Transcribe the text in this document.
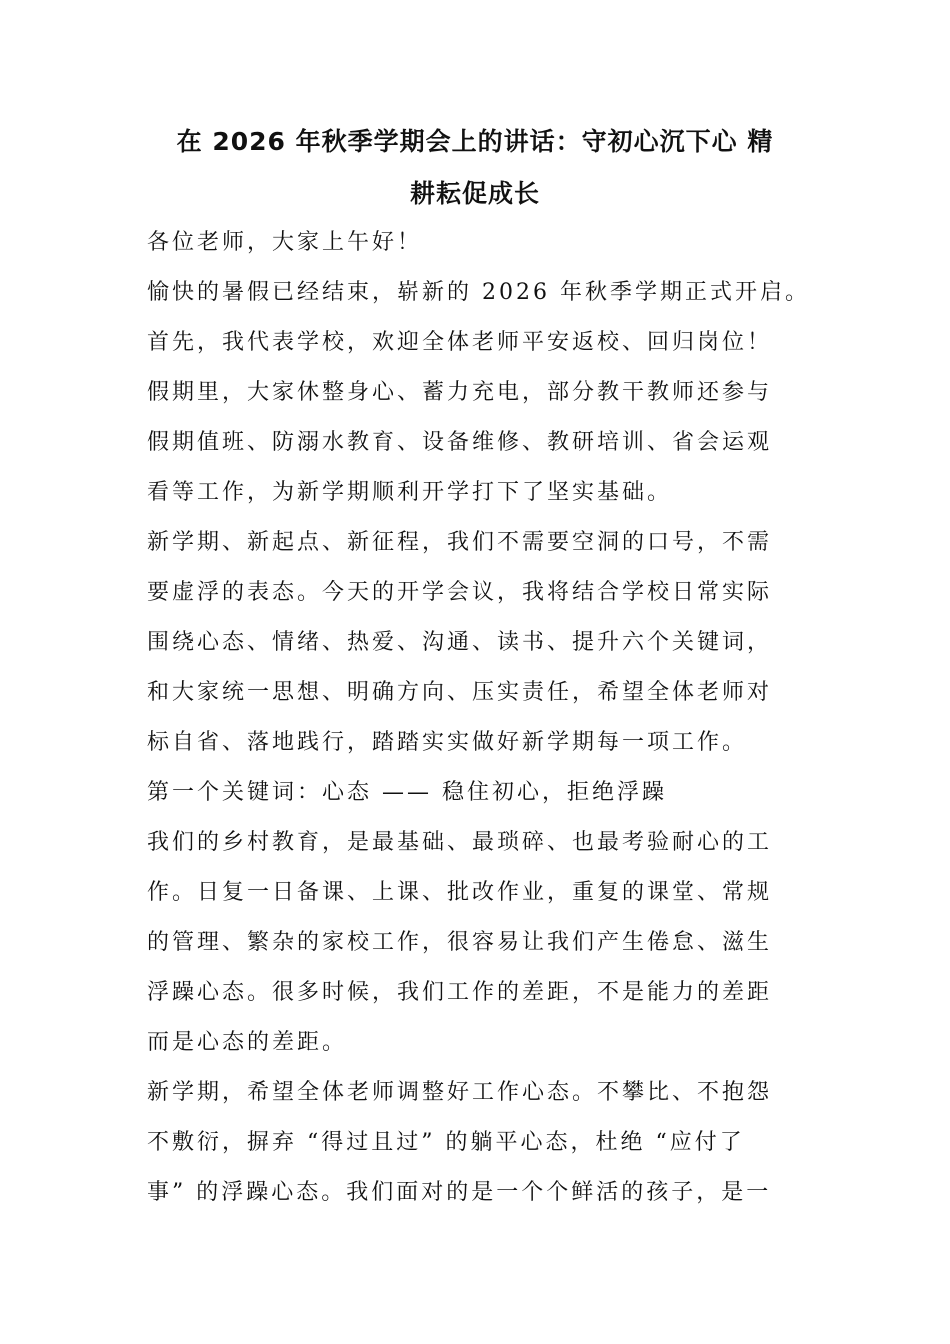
在 2026 年秋季学期会上的讲话：守初心沉下心 精
耕耘促成长
各位老师，大家上午好！
愉快的暑假已经结束，崭新的 2026 年秋季学期正式开启。
首先，我代表学校，欢迎全体老师平安返校、回归岗位！
假期里，大家休整身心、蓄力充电，部分教干教师还参与
假期值班、防溺水教育、设备维修、教研培训、省会运观
看等工作，为新学期顺利开学打下了坚实基础。
新学期、新起点、新征程，我们不需要空洞的口号，不需
要虚浮的表态。今天的开学会议，我将结合学校日常实际
围绕心态、情绪、热爱、沟通、读书、提升六个关键词，
和大家统一思想、明确方向、压实责任，希望全体老师对
标自省、落地践行，踏踏实实做好新学期每一项工作。
第一个关键词：心态 —— 稳住初心，拒绝浮躁
我们的乡村教育，是最基础、最琐碎、也最考验耐心的工
作。日复一日备课、上课、批改作业，重复的课堂、常规
的管理、繁杂的家校工作，很容易让我们产生倦怠、滋生
浮躁心态。很多时候，我们工作的差距，不是能力的差距
而是心态的差距。
新学期，希望全体老师调整好工作心态。不攀比、不抱怨
不敷衍，摒弃 “得过且过” 的躺平心态，杜绝 “应付了
事” 的浮躁心态。我们面对的是一个个鲜活的孩子，是一
